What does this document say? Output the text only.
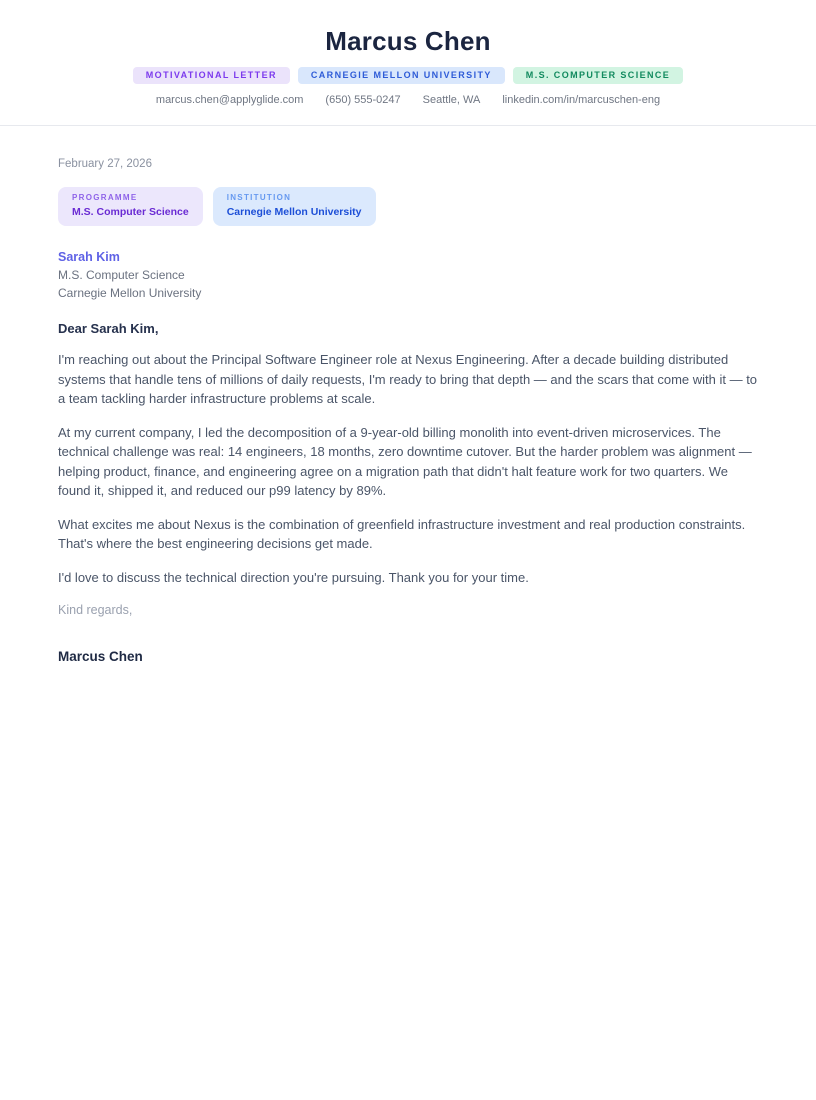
Marcus Chen
MOTIVATIONAL LETTER	CARNEGIE MELLON UNIVERSITY	M.S. COMPUTER SCIENCE
marcus.chen@applyglide.com (650) 555-0247 Seattle, WA linkedin.com/in/marcuschen-eng
February 27, 2026
PROGRAMME
M.S. Computer Science
INSTITUTION
Carnegie Mellon University
Sarah Kim
M.S. Computer Science
Carnegie Mellon University
Dear Sarah Kim,

I'm reaching out about the Principal Software Engineer role at Nexus Engineering. After a decade building distributed systems that handle tens of millions of daily requests, I'm ready to bring that depth — and the scars that come with it — to a team tackling harder infrastructure problems at scale.

At my current company, I led the decomposition of a 9-year-old billing monolith into event-driven microservices. The technical challenge was real: 14 engineers, 18 months, zero downtime cutover. But the harder problem was alignment — helping product, finance, and engineering agree on a migration path that didn't halt feature work for two quarters. We found it, shipped it, and reduced our p99 latency by 89%.

What excites me about Nexus is the combination of greenfield infrastructure investment and real production constraints. That's where the best engineering decisions get made.

I'd love to discuss the technical direction you're pursuing. Thank you for your time.

Kind regards,
Marcus Chen
